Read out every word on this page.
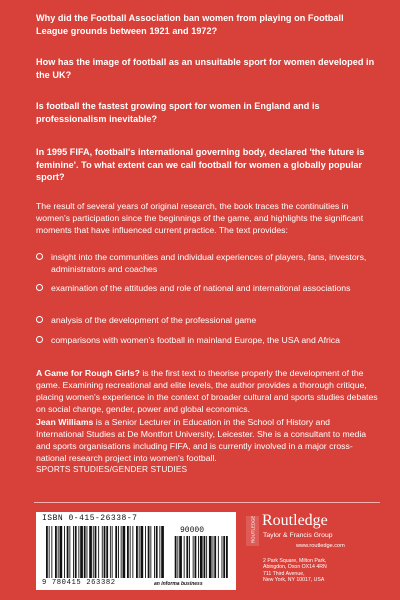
Why did the Football Association ban women from playing on Football League grounds between 1921 and 1972?
How has the image of football as an unsuitable sport for women developed in the UK?
Is football the fastest growing sport for women in England and is professionalism inevitable?
In 1995 FIFA, football's international governing body, declared 'the future is feminine'. To what extent can we call football for women a globally popular sport?
The result of several years of original research, the book traces the continuities in women's participation since the beginnings of the game, and highlights the significant moments that have influenced current practice. The text provides:
insight into the communities and individual experiences of players, fans, investors, administrators and coaches
examination of the attitudes and role of national and international associations
analysis of the development of the professional game
comparisons with women's football in mainland Europe, the USA and Africa
A Game for Rough Girls? is the first text to theorise properly the development of the game. Examining recreational and elite levels, the author provides a thorough critique, placing women's experience in the context of broader cultural and sports studies debates on social change, gender, power and global economics.
Jean Williams is a Senior Lecturer in Education in the School of History and International Studies at De Montfort University, Leicester. She is a consultant to media and sports organisations including FIFA, and is currently involved in a major cross-national research project into women's football.
SPORTS STUDIES/GENDER STUDIES
ISBN 0-415-26338-7
90000
9 780415 263382	an informa business
ROUTLEDGE Routledge
Taylor & Francis Group
www.routledge.com
2 Park Square, Milton Park,
Abingdon, Oxon OX14 4RN
711 Third Avenue,
New York, NY 10017, USA
